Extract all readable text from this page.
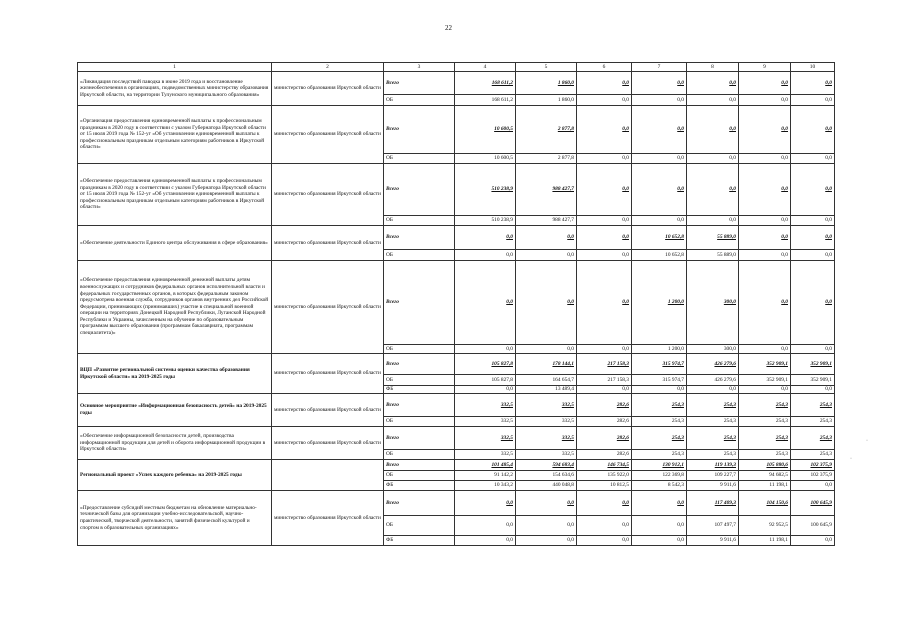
22
1	2	3	4	5	6	7	8	9	10
«Ликвидация последствий паводка в июне 2019 года и восстановление жизнеобеспечения в организациях, подведомственных министерству образования Иркутской области, на территории Тулунского муниципального образования»	министерство образования Иркутской области	Всего	168 611,2	1 860,0	0,0	0,0	0,0	0,0	0,0
		ОБ	168 611,2	1 860,0	0,0	0,0	0,0	0,0	0,0
«Организация предоставления единовременной выплаты к профессиональным праздникам в 2020 году в соответствии с указом Губернатора Иркутской области от 15 июля 2019 года № 152-уг «Об установлении единовременной выплаты к профессиональным праздникам отдельным категориям работников в Иркутской области»	министерство образования Иркутской области	Всего	10 600,5	2 877,8	0,0	0,0	0,0	0,0	0,0
		ОБ	10 600,5	2 877,8	0,0	0,0	0,0	0,0	0,0
«Обеспечение предоставления единовременной выплаты к профессиональным праздникам в 2020 году в соответствии с указом Губернатора Иркутской области от 15 июля 2019 года № 152-уг «Об установлении единовременной выплаты к профессиональным праздникам отдельным категориям работников в Иркутской области»	министерство образования Иркутской области	Всего	510 238,9	988 427,7	0,0	0,0	0,0	0,0	0,0
		ОБ	510 238,9	988 427,7	0,0	0,0	0,0	0,0	0,0
«Обеспечение деятельности Единого центра обслуживания в сфере образования»	министерство образования Иркутской области	Всего	0,0	0,0	0,0	10 652,8	55 889,0	0,0	0,0
		ОБ	0,0	0,0	0,0	10 652,8	55 889,0	0,0	0,0
«Обеспечение предоставления единовременной денежной выплаты детям военнослужащих и сотрудников федеральных органов исполнительной власти и федеральных государственных органов, в которых федеральным законом предусмотрена военная служба, сотрудников органов внутренних дел Российской Федерации, принимающих (принимавших) участие в специальной военной операции на территориях Донецкой Народной Республики, Луганской Народной Республики и Украины, зачисленным на обучение по образовательным программам высшего образования (программам бакалавриата, программам специалитета)»	министерство образования Иркутской области	Всего	0,0	0,0	0,0	1 200,0	300,0	0,0	0,0
		ОБ	0,0	0,0	0,0	1 200,0	300,0	0,0	0,0
ВЦП «Развитие региональной системы оценки качества образования Иркутской области» на 2019-2025 годы	министерство образования Иркутской области	Всего	105 827,8	178 144,1	217 158,3	315 974,7	426 279,6	352 909,1	352 909,1
		ОБ	105 827,8	164 654,7	217 158,3	315 974,7	426 279,6	352 909,1	352 909,1
		ФБ	0,0	13 489,4	0,0	0,0	0,0	0,0	0,0
Основное мероприятие «Информационная безопасность детей» на 2019-2025 годы	министерство образования Иркутской области	Всего	332,5	332,5	282,6	254,3	254,3	254,3	254,3
		ОБ	332,5	332,5	282,6	254,3	254,3	254,3	254,3
«Обеспечение информационной безопасности детей, производства информационной продукции для детей и оборота информационной продукции в Иркутской области»	министерство образования Иркутской области	Всего	332,5	332,5	282,6	254,3	254,3	254,3	254,3
		ОБ	332,5	332,5	282,6	254,3	254,3	254,3	254,3
Региональный проект «Успех каждого ребенка» на 2019-2025 годы		Всего	101 485,4	594 683,4	146 734,5	130 912,1	119 139,3	105 880,6	102 375,9
		ОБ	91 142,2	154 634,6	135 922,0	122 369,8	109 227,7	94 682,5	102 375,9
		ФБ	10 343,2	440 048,8	10 812,5	8 542,3	9 911,6	11 198,1	0,0
«Предоставление субсидий местным бюджетам на обновление материально-технической базы для организации учебно-исследовательской, научно-практической, творческой деятельности, занятий физической культурой и спортом в образовательных организациях»	министерство образования Иркутской области	Всего	0,0	0,0	0,0	0,0	117 409,3	104 150,6	100 645,9
		ОБ	0,0	0,0	0,0	0,0	107 497,7	92 952,5	100 645,9
		ФБ	0,0	0,0	0,0	0,0	9 911,6	11 198,1	0,0
·
·
